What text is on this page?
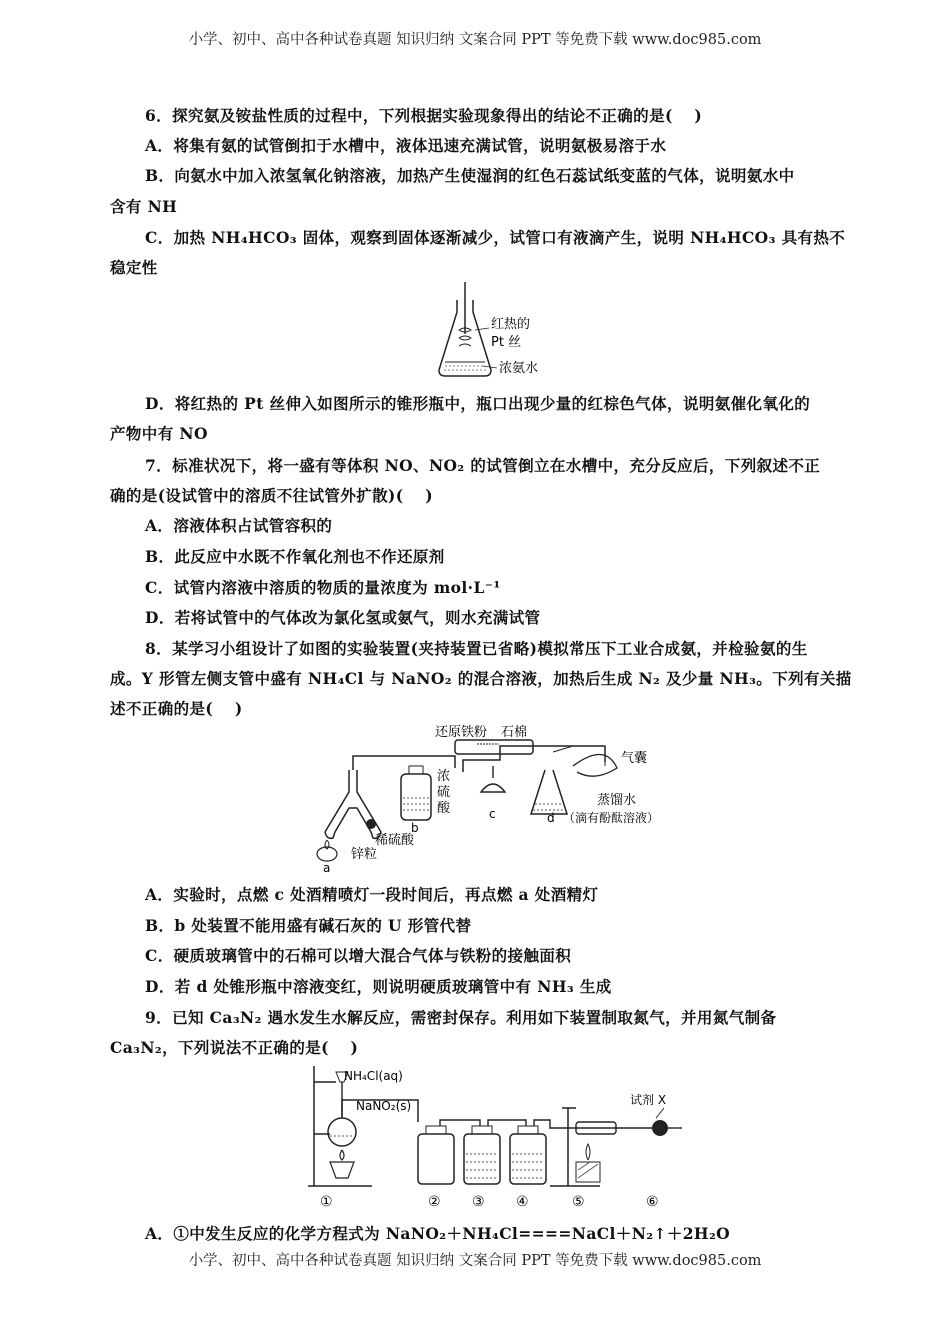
小学、初中、高中各种试卷真题 知识归纳 文案合同 PPT 等免费下载 www.doc985.com
6．探究氨及铵盐性质的过程中，下列根据实验现象得出的结论不正确的是(　 )
A．将集有氨的试管倒扣于水槽中，液体迅速充满试管，说明氨极易溶于水
B．向氨水中加入浓氢氧化钠溶液，加热产生使湿润的红色石蕊试纸变蓝的气体，说明氨水中
含有 NH
C．加热 NH₄HCO₃ 固体，观察到固体逐渐减少，试管口有液滴产生，说明 NH₄HCO₃ 具有热不
稳定性
红热的
Pt 丝
浓氨水
D．将红热的 Pt 丝伸入如图所示的锥形瓶中，瓶口出现少量的红棕色气体，说明氨催化氧化的
产物中有 NO
7．标准状况下，将一盛有等体积 NO、NO₂ 的试管倒立在水槽中，充分反应后，下列叙述不正
确的是(设试管中的溶质不往试管外扩散)(　 )
A．溶液体积占试管容积的
B．此反应中水既不作氧化剂也不作还原剂
C．试管内溶液中溶质的物质的量浓度为 mol·L⁻¹
D．若将试管中的气体改为氯化氢或氨气，则水充满试管
8．某学习小组设计了如图的实验装置(夹持装置已省略)模拟常压下工业合成氨，并检验氨的生
成。Y 形管左侧支管中盛有 NH₄Cl 与 NaNO₂ 的混合溶液，加热后生成 N₂ 及少量 NH₃。下列有关描
述不正确的是(　 )
还原铁粉 石棉
气囊
浓
硫
酸
蒸馏水
（滴有酚酞溶液）
稀硫酸
锌粒
a
b
c	d
A．实验时，点燃 c 处酒精喷灯一段时间后，再点燃 a 处酒精灯
B．b 处装置不能用盛有碱石灰的 U 形管代替
C．硬质玻璃管中的石棉可以增大混合气体与铁粉的接触面积
D．若 d 处锥形瓶中溶液变红，则说明硬质玻璃管中有 NH₃ 生成
9．已知 Ca₃N₂ 遇水发生水解反应，需密封保存。利用如下装置制取氮气，并用氮气制备
Ca₃N₂，下列说法不正确的是(　 )
NH₄Cl(aq)
NaNO₂(s)	试剂 X
①	② ③ ④	⑤	⑥
A．①中发生反应的化学方程式为 NaNO₂＋NH₄Cl====NaCl＋N₂↑＋2H₂O
小学、初中、高中各种试卷真题 知识归纳 文案合同 PPT 等免费下载 www.doc985.com
